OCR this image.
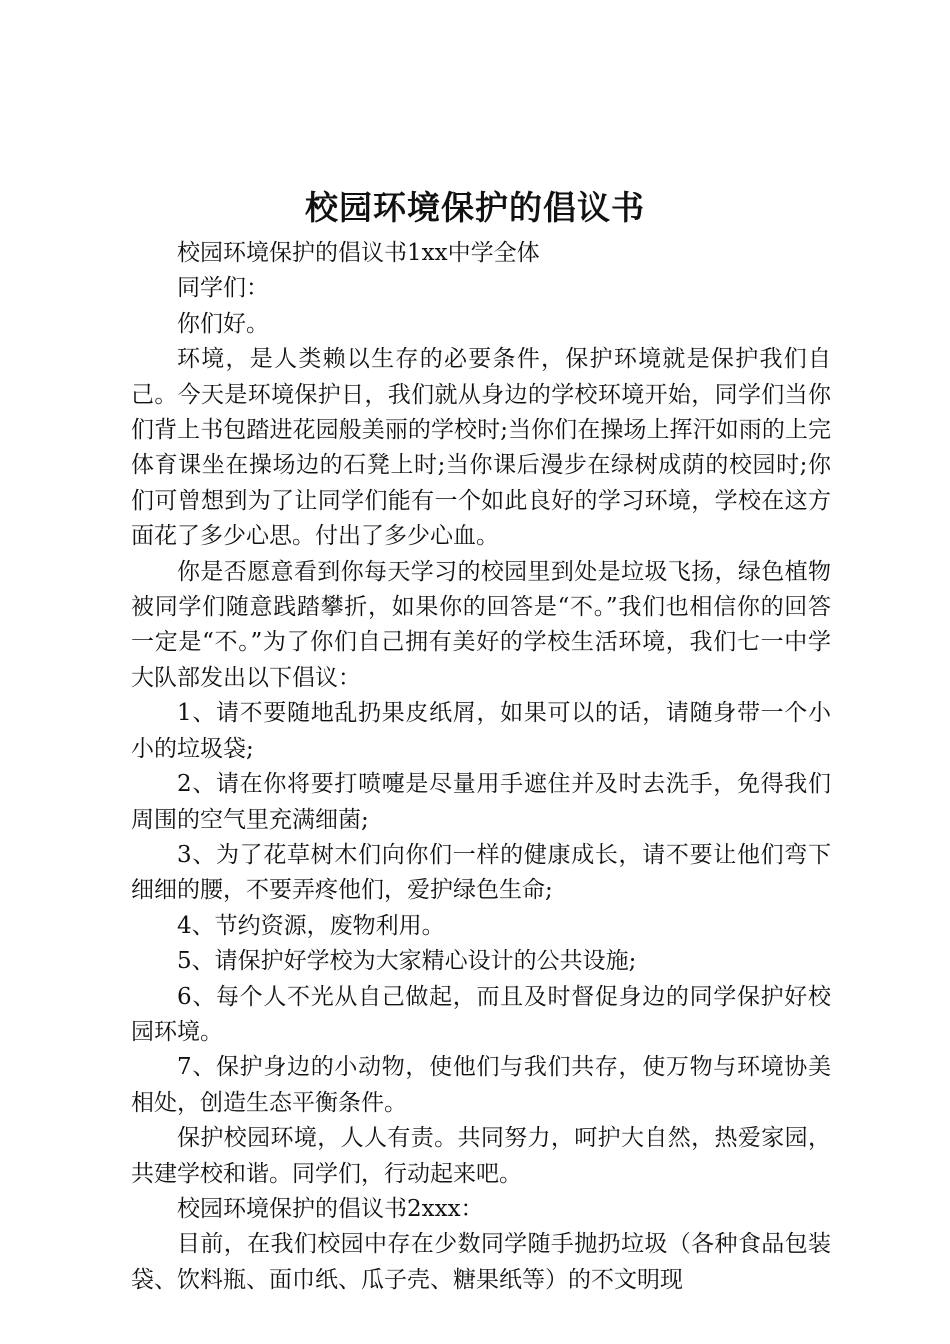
校园环境保护的倡议书

校园环境保护的倡议书1xx中学全体

同学们：

你们好。

环境，是人类赖以生存的必要条件，保护环境就是保护我们自己。今天是环境保护日，我们就从身边的学校环境开始，同学们当你们背上书包踏进花园般美丽的学校时;当你们在操场上挥汗如雨的上完体育课坐在操场边的石凳上时;当你课后漫步在绿树成荫的校园时;你们可曾想到为了让同学们能有一个如此良好的学习环境，学校在这方面花了多少心思。付出了多少心血。

你是否愿意看到你每天学习的校园里到处是垃圾飞扬，绿色植物被同学们随意践踏攀折，如果你的回答是“不。”我们也相信你的回答一定是“不。”为了你们自己拥有美好的学校生活环境，我们七一中学大队部发出以下倡议：

1、请不要随地乱扔果皮纸屑，如果可以的话，请随身带一个小小的垃圾袋;

2、请在你将要打喷嚏是尽量用手遮住并及时去洗手，免得我们周围的空气里充满细菌;

3、为了花草树木们向你们一样的健康成长，请不要让他们弯下细细的腰，不要弄疼他们，爱护绿色生命;

4、节约资源，废物利用。

5、请保护好学校为大家精心设计的公共设施;

6、每个人不光从自己做起，而且及时督促身边的同学保护好校园环境。

7、保护身边的小动物，使他们与我们共存，使万物与环境协美相处，创造生态平衡条件。

保护校园环境，人人有责。共同努力，呵护大自然，热爱家园，共建学校和谐。同学们，行动起来吧。

校园环境保护的倡议书2xxx：

目前，在我们校园中存在少数同学随手抛扔垃圾（各种食品包装袋、饮料瓶、面巾纸、瓜子壳、糖果纸等）的不文明现
